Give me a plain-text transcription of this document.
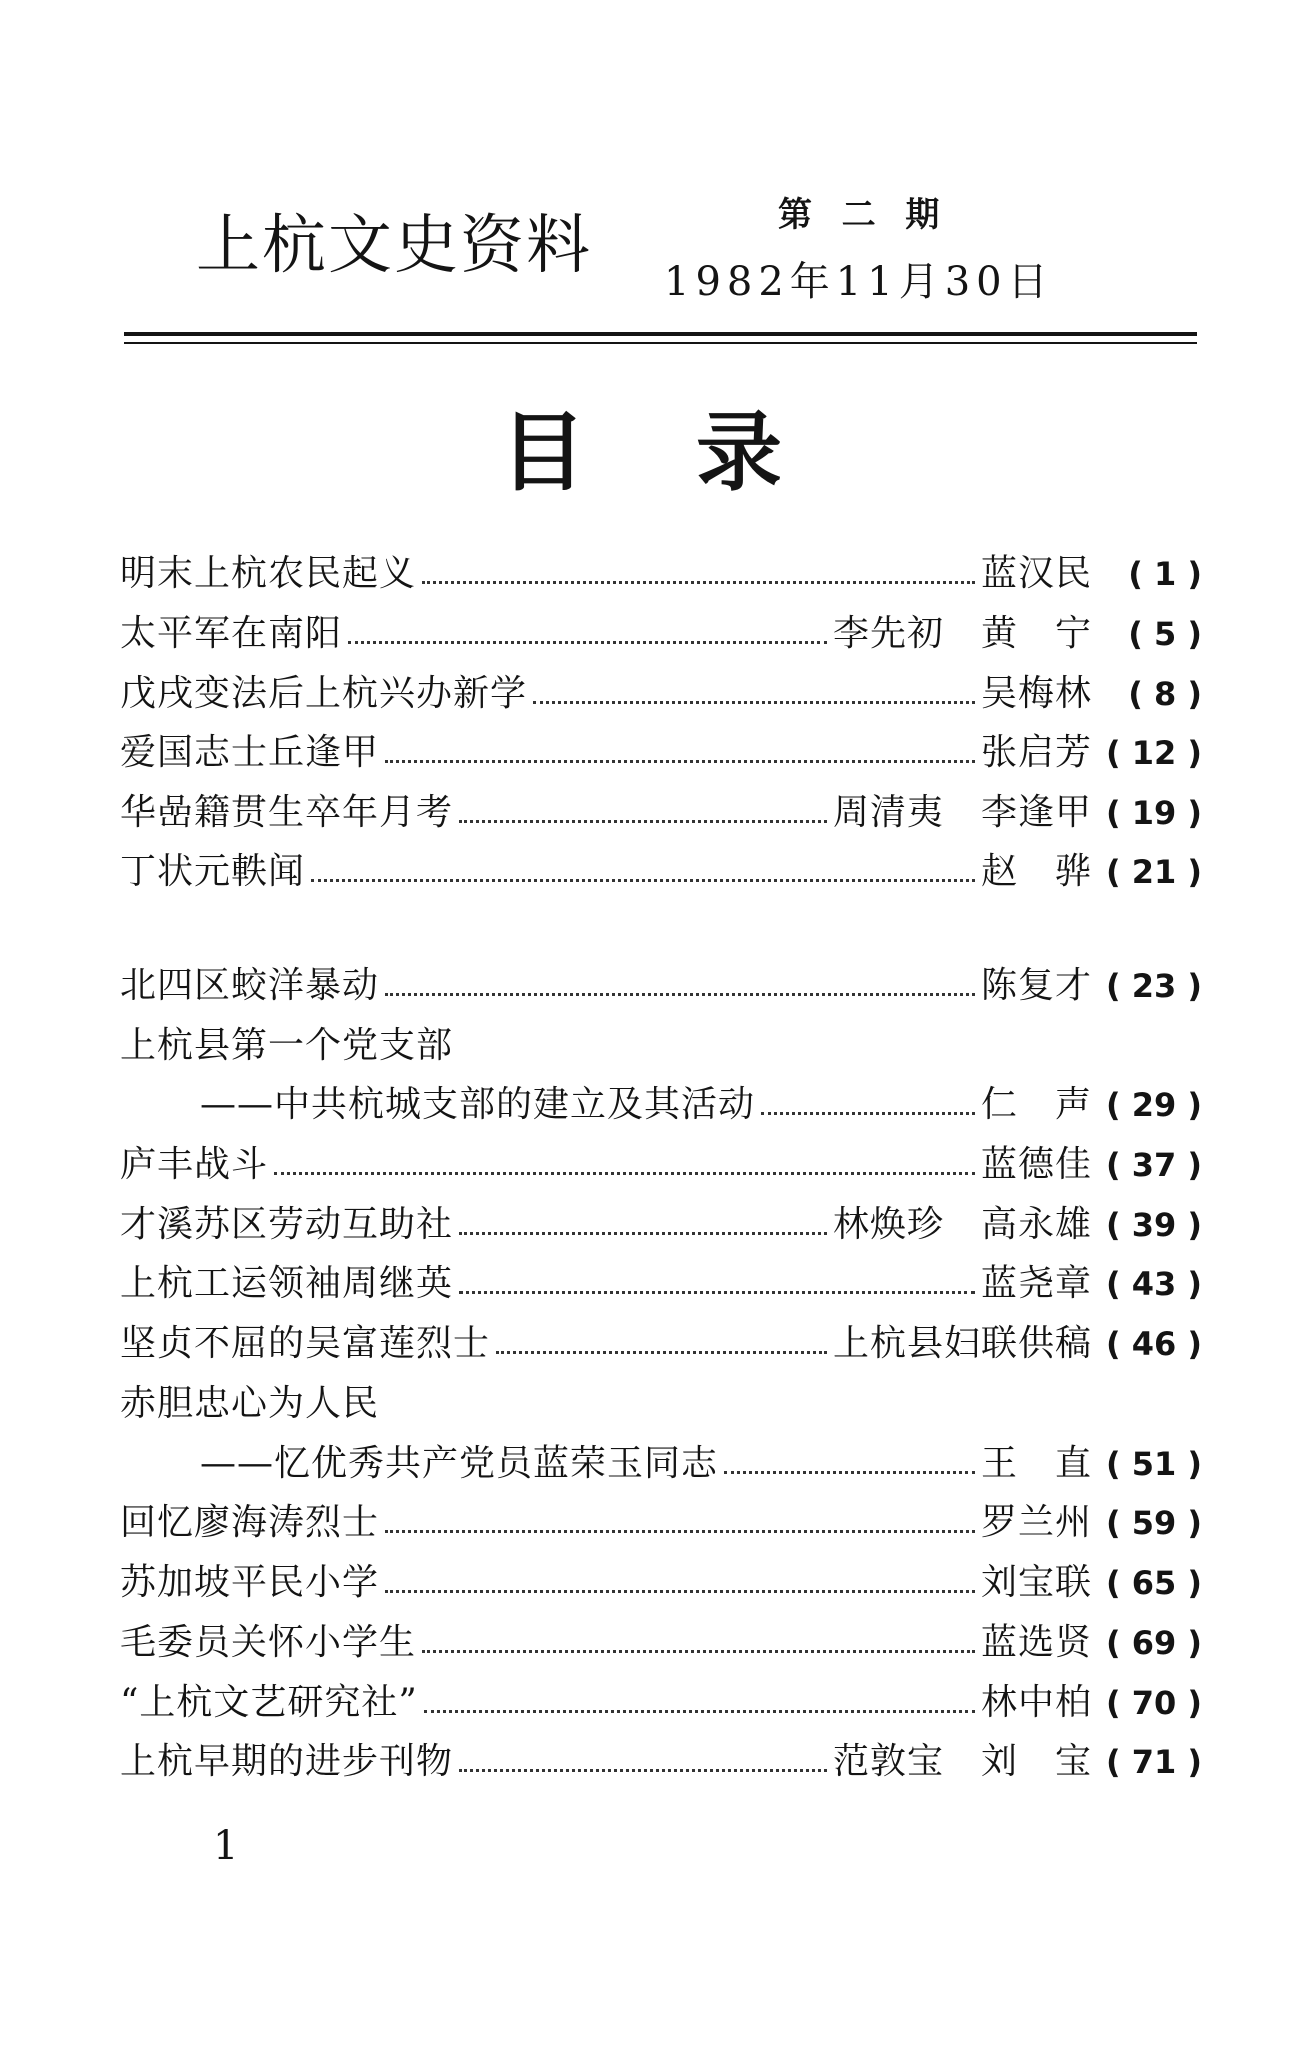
上杭文史资料	第  二  期
1982年11月30日
目录
明末上杭农民起义	蓝汉民	( 1 )
太平军在南阳	李先初　黄　宁	( 5 )
戊戌变法后上杭兴办新学	吴梅林	( 8 )
爱国志士丘逢甲	张启芳 ( 12 )
华嵒籍贯生卒年月考	周清夷　李逢甲 ( 19 )
丁状元軼闻	赵　骅 ( 21 )
北四区蛟洋暴动	陈复才 ( 23 )
上杭县第一个党支部
——中共杭城支部的建立及其活动	仁　声 ( 29 )
庐丰战斗	蓝德佳 ( 37 )
才溪苏区劳动互助社	林焕珍　高永雄 ( 39 )
上杭工运领袖周继英	蓝尧章 ( 43 )
坚贞不屈的吴富莲烈士	上杭县妇联供稿 ( 46 )
赤胆忠心为人民
——忆优秀共产党员蓝荣玉同志	王　直 ( 51 )
回忆廖海涛烈士	罗兰州 ( 59 )
苏加坡平民小学	刘宝联 ( 65 )
毛委员关怀小学生	蓝选贤 ( 69 )
“上杭文艺研究社”	林中柏 ( 70 )
上杭早期的进步刊物	范敦宝　刘　宝 ( 71 )
1
